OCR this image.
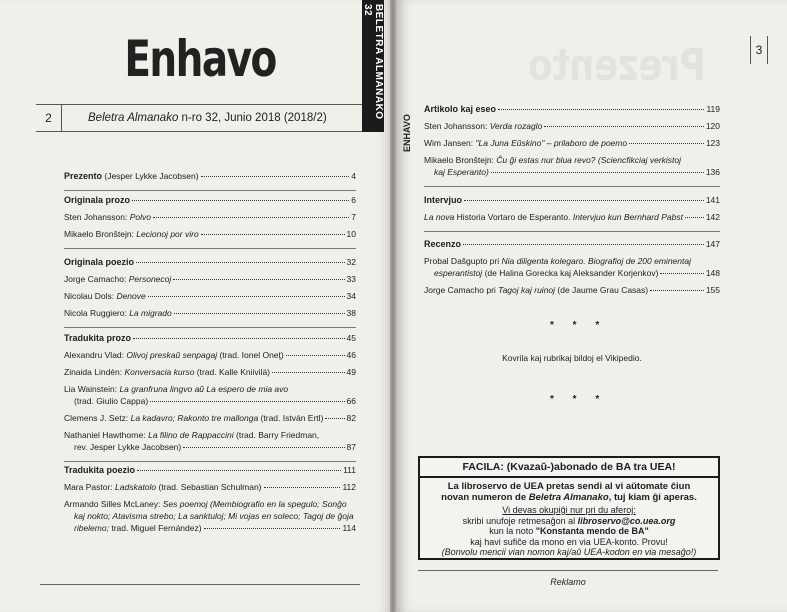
BELETRA ALMANAKO 32
Enhavo
2	Beletra Almanako n-ro 32, Junio 2018 (2018/2)
Prezento (Jesper Lykke Jacobsen)	4
Originala prozo	6
Sten Johansson: Polvo	7
Mikaelo Bronŝtejn: Lecionoj por viro	10
Originala poezio	32
Jorge Camacho: Personecoj	33
Nicolau Dols: Denove	34
Nicola Ruggiero: La migrado	38
Tradukita prozo	45
Alexandru Vlad: Olivoj preskaŭ senpagaj (trad. Ionel Oneţ)	46
Zinaida Lindén: Konversacia kurso (trad. Kalle Kniivilä)	49
Lia Wainstein: La granfruna lingvo aŭ La espero de mia avo
(trad. Giulio Cappa)	66
Clemens J. Setz: La kadavro; Rakonto tre mallonga (trad. István Ertl)	82
Nathaniel Hawthorne: La filino de Rappaccini (trad. Barry Friedman,
rev. Jesper Lykke Jacobsen)	87
Tradukita poezio	111
Mara Pastor: Ladskatolo (trad. Sebastian Schulman)	112
Armando Silles McLaney: Ses poemoj (Membiografio en la spegulo; Sonĝo
kaj nokto; Atavisma strebo; La sanktuloj; Mi vojas en soleco; Tagoj de ĝoja
ribelemo; trad. Miguel Fernández)	114
Prezento	3
ENHAVO
Artikolo kaj eseo	119
Sten Johansson: Verda rozaglo	120
Wim Jansen: "La Juna Eŭskino" – prilaboro de poemo	123
Mikaelo Bronŝtejn: Ĉu ĝi estas nur blua revo? (Sciencfikciaj verkistoj
kaj Esperanto)	136
Intervjuo	141
La nova Historia Vortaro de Esperanto. Intervjuo kun Bernhard Pabst	142
Recenzo	147
Probal Daŝgupto pri Nia diligenta kolegaro. Biografioj de 200 eminentaj
esperantistoj (de Halina Gorecka kaj Aleksander Korjenkov)	148
Jorge Camacho pri Tagoj kaj ruinoj (de Jaume Grau Casas)	155
* * *
Kovrila kaj rubrikaj bildoj el Vikipedio.
* * *
FACILA: (Kvazaŭ-)abonado de BA tra UEA!
La libroservo de UEA pretas sendi al vi aŭtomate ĉiun
novan numeron de Beletra Almanako, tuj kiam ĝi aperas.
Vi devas okupiĝi nur pri du aferoj:
skribi unufoje retmesaĝon al libroservo@co.uea.org
kun la noto "Konstanta mendo de BA"
kaj havi sufiĉe da mono en via UEA-konto. Provu!
(Bonvolu mencii vian nomon kaj/aŭ UEA-kodon en via mesaĝo!)
Reklamo
